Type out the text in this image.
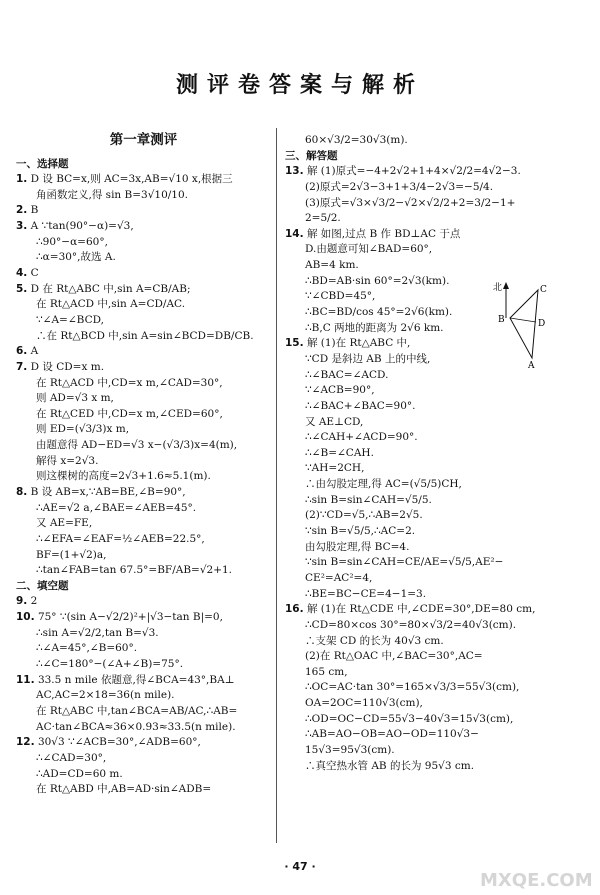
测评卷答案与解析
第一章测评
一、选择题
1. D 设 BC=x,则 AC=3x,AB=√10 x,根据三
角函数定义,得 sin B=3√10/10.
2. B
3. A ∵tan(90°−α)=√3,
∴90°−α=60°,
∴α=30°,故选 A.
4. C
5. D 在 Rt△ABC 中,sin A=CB/AB;
在 Rt△ACD 中,sin A=CD/AC.
∵∠A=∠BCD,
∴在 Rt△BCD 中,sin A=sin∠BCD=DB/CB.
6. A
7. D 设 CD=x m.
在 Rt△ACD 中,CD=x m,∠CAD=30°,
则 AD=√3 x m,
在 Rt△CED 中,CD=x m,∠CED=60°,
则 ED=(√3/3)x m,
由题意得 AD−ED=√3 x−(√3/3)x=4(m),
解得 x=2√3.
则这棵树的高度=2√3+1.6≈5.1(m).
8. B 设 AB=x,∵AB=BE,∠B=90°,
∴AE=√2 a,∠BAE=∠AEB=45°.
又 AE=FE,
∴∠EFA=∠EAF=½∠AEB=22.5°,
BF=(1+√2)a,
∴tan∠FAB=tan 67.5°=BF/AB=√2+1.
二、填空题
9. 2
10. 75° ∵(sin A−√2/2)²+|√3−tan B|=0,
∴sin A=√2/2,tan B=√3.
∴∠A=45°,∠B=60°.
∴∠C=180°−(∠A+∠B)=75°.
11. 33.5 n mile 依题意,得∠BCA=43°,BA⊥
AC,AC=2×18=36(n mile).
在 Rt△ABC 中,tan∠BCA=AB/AC,∴AB=
AC·tan∠BCA≈36×0.93≈33.5(n mile).
12. 30√3 ∵∠ACB=30°,∠ADB=60°,
∴∠CAD=30°,
∴AD=CD=60 m.
在 Rt△ABD 中,AB=AD·sin∠ADB=
60×√3/2=30√3(m).
三、解答题
13. 解 (1)原式=−4+2√2+1+4×√2/2=4√2−3.
(2)原式=2√3−3+1+3/4−2√3=−5/4.
(3)原式=√3×√3/2−√2×√2/2+2=3/2−1+
2=5/2.
14. 解 如图,过点 B 作 BD⊥AC 于点
D.由题意可知∠BAD=60°,
AB=4 km.
∴BD=AB·sin 60°=2√3(km).
∵∠CBD=45°,
∴BC=BD/cos 45°=2√6(km).
∴B,C 两地的距离为 2√6 km.
15. 解 (1)在 Rt△ABC 中,
∵CD 是斜边 AB 上的中线,
∴∠BAC=∠ACD.
∵∠ACB=90°,
∴∠BAC+∠BAC=90°.
又 AE⊥CD,
∴∠CAH+∠ACD=90°.
∴∠B=∠CAH.
∵AH=2CH,
∴由勾股定理,得 AC=(√5/5)CH,
∴sin B=sin∠CAH=√5/5.
(2)∵CD=√5,∴AB=2√5.
∵sin B=√5/5,∴AC=2.
由勾股定理,得 BC=4.
∵sin B=sin∠CAH=CE/AE=√5/5,AE²−
CE²=AC²=4,
∴BE=BC−CE=4−1=3.
16. 解 (1)在 Rt△CDE 中,∠CDE=30°,DE=80 cm,
∴CD=80×cos 30°=80×√3/2=40√3(cm).
∴支架 CD 的长为 40√3 cm.
(2)在 Rt△OAC 中,∠BAC=30°,AC=
165 cm,
∴OC=AC·tan 30°=165×√3/3=55√3(cm),
OA=2OC=110√3(cm),
∴OD=OC−CD=55√3−40√3=15√3(cm),
∴AB=AO−OB=AO−OD=110√3−
15√3=95√3(cm).
∴真空热水管 AB 的长为 95√3 cm.
北	C
B	D
A
· 47 ·
MXQE.COM
